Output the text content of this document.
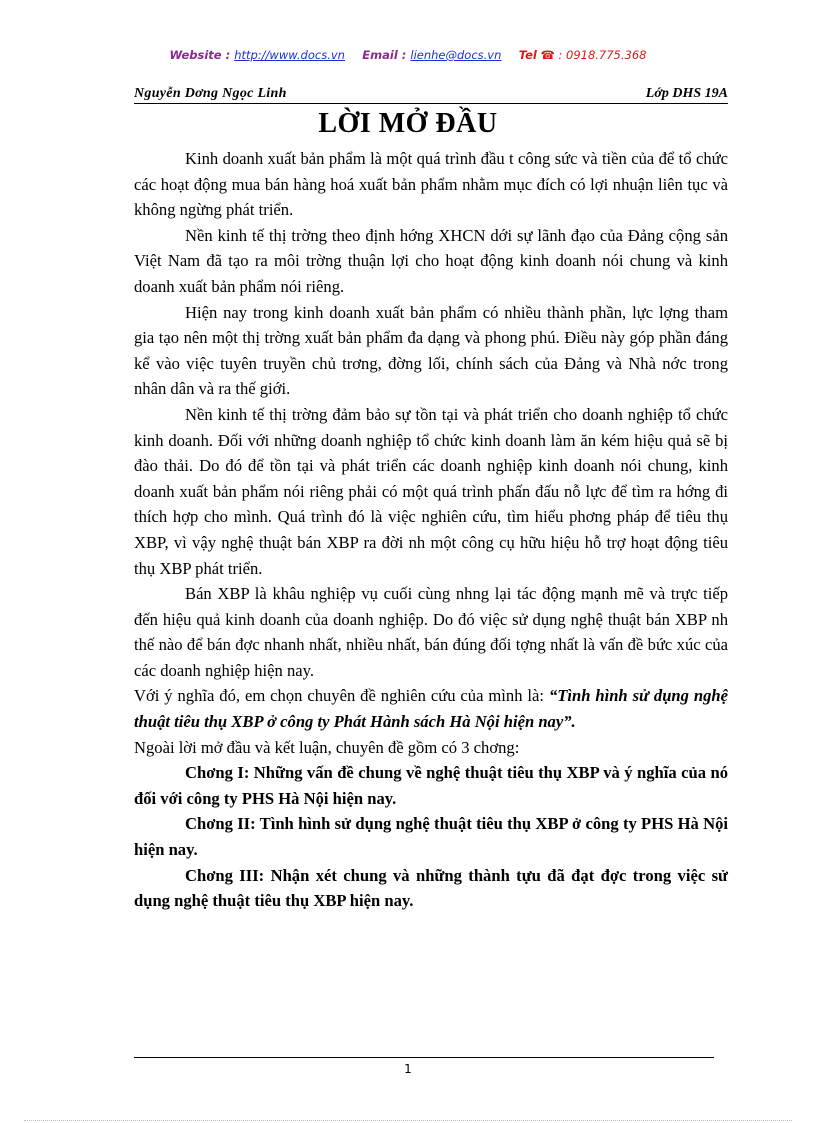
Website : http://www.docs.vn Email : lienhe@docs.vn Tel ☎ : 0918.775.368
Nguyễn Dơng Ngọc Linh	Lớp DHS 19A
LỜI MỞ ĐẦU

Kinh doanh xuất bản phẩm là một quá trình đầu t công sức và tiền của để tổ chức các hoạt động mua bán hàng hoá xuất bản phẩm nhằm mục đích có lợi nhuận liên tục và không ngừng phát triển.

Nền kinh tế thị trờng theo định hớng XHCN dới sự lãnh đạo của Đảng cộng sản Việt Nam đã tạo ra môi trờng thuận lợi cho hoạt động kinh doanh nói chung và kinh doanh xuất bản phẩm nói riêng.

Hiện nay trong kinh doanh xuất bản phẩm có nhiều thành phần, lực lợng tham gia tạo nên một thị trờng xuất bản phẩm đa dạng và phong phú. Điều này góp phần đáng kể vào việc tuyên truyền chủ trơng, đờng lối, chính sách của Đảng và Nhà nớc trong nhân dân và ra thế giới.

Nền kinh tế thị trờng đảm bảo sự tồn tại và phát triển cho doanh nghiệp tổ chức kinh doanh. Đối với những doanh nghiệp tổ chức kinh doanh làm ăn kém hiệu quả sẽ bị đào thải. Do đó để tồn tại và phát triển các doanh nghiệp kinh doanh nói chung, kinh doanh xuất bản phẩm nói riêng phải có một quá trình phấn đấu nỗ lực để tìm ra hớng đi thích hợp cho mình. Quá trình đó là việc nghiên cứu, tìm hiểu phơng pháp để tiêu thụ XBP, vì vậy nghệ thuật bán XBP ra đời nh một công cụ hữu hiệu hỗ trợ hoạt động tiêu thụ XBP phát triển.

Bán XBP là khâu nghiệp vụ cuối cùng nhng lại tác động mạnh mẽ và trực tiếp đến hiệu quả kinh doanh của doanh nghiệp. Do đó việc sử dụng nghệ thuật bán XBP nh thế nào để bán đợc nhanh nhất, nhiều nhất, bán đúng đối tợng nhất là vấn đề bức xúc của các doanh nghiệp hiện nay.

Với ý nghĩa đó, em chọn chuyên đề nghiên cứu của mình là: “Tình hình sử dụng nghệ thuật tiêu thụ XBP ở công ty Phát Hành sách Hà Nội hiện nay”.

Ngoài lời mở đầu và kết luận, chuyên đề gồm có 3 chơng:

Chơng I: Những vấn đề chung về nghệ thuật tiêu thụ XBP và ý nghĩa của nó đối với công ty PHS Hà Nội hiện nay.

Chơng II: Tình hình sử dụng nghệ thuật tiêu thụ XBP ở công ty PHS Hà Nội hiện nay.

Chơng III: Nhận xét chung và những thành tựu đã đạt đợc trong việc sử dụng nghệ thuật tiêu thụ XBP hiện nay.

1
